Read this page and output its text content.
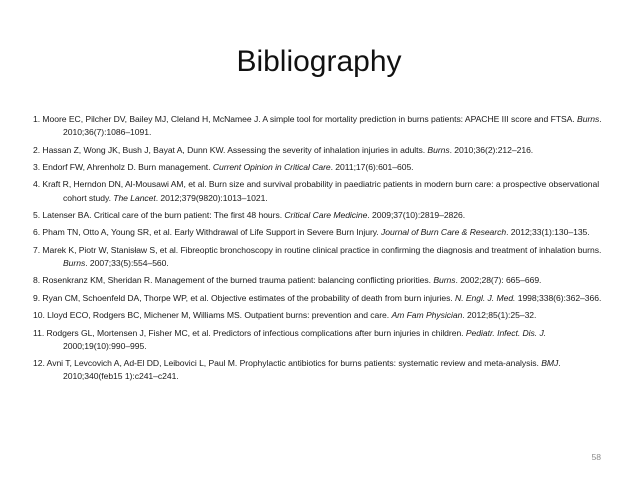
Bibliography
1. Moore EC, Pilcher DV, Bailey MJ, Cleland H, McNamee J. A simple tool for mortality prediction in burns patients: APACHE III score and FTSA. Burns. 2010;36(7):1086–1091.
2. Hassan Z, Wong JK, Bush J, Bayat A, Dunn KW. Assessing the severity of inhalation injuries in adults. Burns. 2010;36(2):212–216.
3. Endorf FW, Ahrenholz D. Burn management. Current Opinion in Critical Care. 2011;17(6):601–605.
4. Kraft R, Herndon DN, Al-Mousawi AM, et al. Burn size and survival probability in paediatric patients in modern burn care: a prospective observational cohort study. The Lancet. 2012;379(9820):1013–1021.
5. Latenser BA. Critical care of the burn patient: The first 48 hours. Critical Care Medicine. 2009;37(10):2819–2826.
6. Pham TN, Otto A, Young SR, et al. Early Withdrawal of Life Support in Severe Burn Injury. Journal of Burn Care & Research. 2012;33(1):130–135.
7. Marek K, Piotr W, Stanisław S, et al. Fibreoptic bronchoscopy in routine clinical practice in confirming the diagnosis and treatment of inhalation burns. Burns. 2007;33(5):554–560.
8. Rosenkranz KM, Sheridan R. Management of the burned trauma patient: balancing conflicting priorities. Burns. 2002;28(7): 665–669.
9. Ryan CM, Schoenfeld DA, Thorpe WP, et al. Objective estimates of the probability of death from burn injuries. N. Engl. J. Med. 1998;338(6):362–366.
10. Lloyd ECO, Rodgers BC, Michener M, Williams MS. Outpatient burns: prevention and care. Am Fam Physician. 2012;85(1):25–32.
11. Rodgers GL, Mortensen J, Fisher MC, et al. Predictors of infectious complications after burn injuries in children. Pediatr. Infect. Dis. J. 2000;19(10):990–995.
12. Avni T, Levcovich A, Ad-El DD, Leibovici L, Paul M. Prophylactic antibiotics for burns patients: systematic review and meta-analysis. BMJ. 2010;340(feb15 1):c241–c241.
58
